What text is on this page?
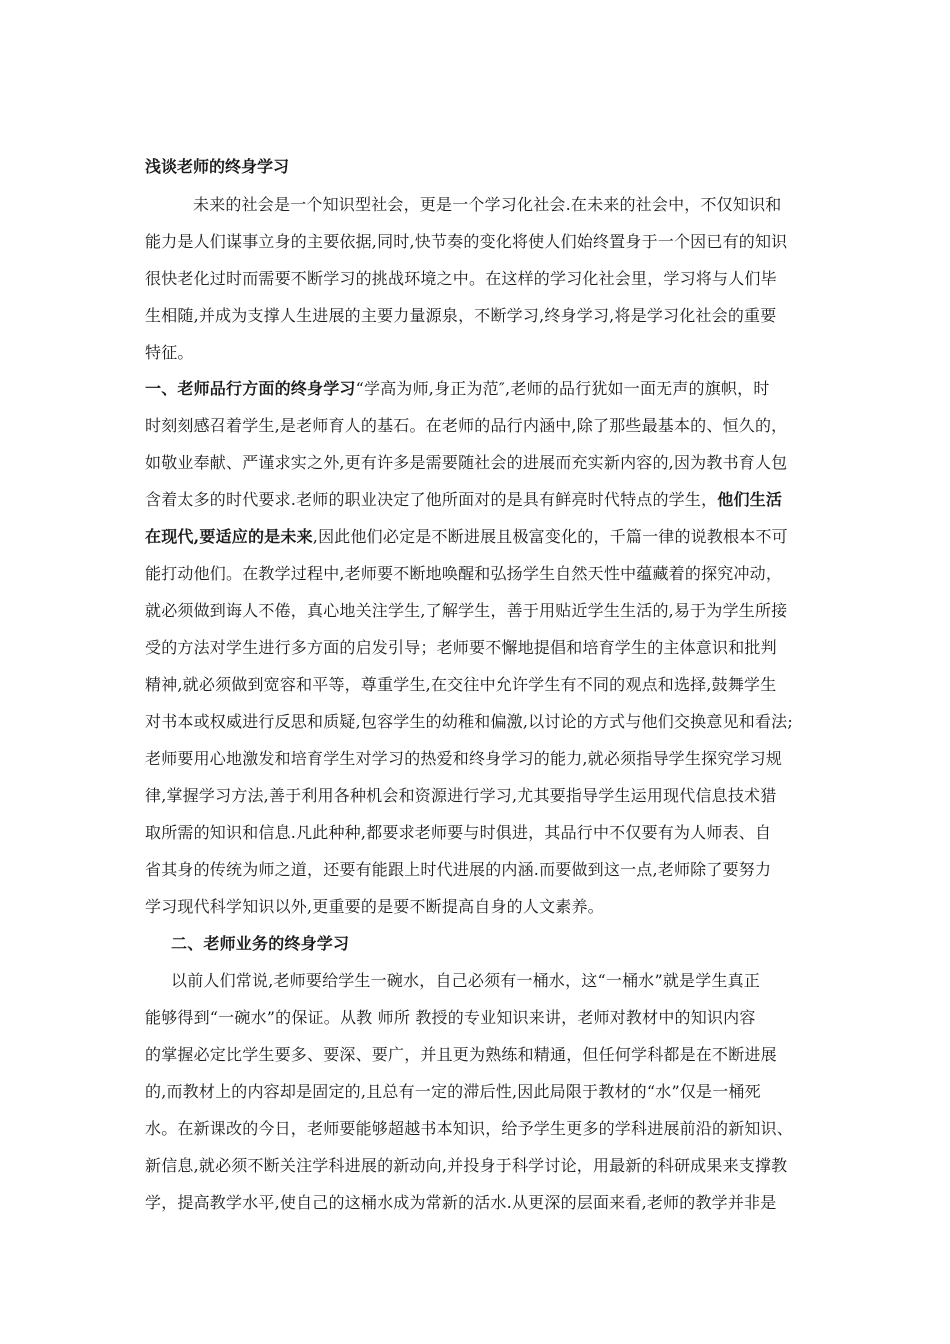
浅谈老师的终身学习
未来的社会是一个知识型社会，更是一个学习化社会.在未来的社会中，不仅知识和
能力是人们谋事立身的主要依据,同时,快节奏的变化将使人们始终置身于一个因已有的知识
很快老化过时而需要不断学习的挑战环境之中。在这样的学习化社会里，学习将与人们毕
生相随,并成为支撑人生进展的主要力量源泉，不断学习,终身学习,将是学习化社会的重要
特征。
一、老师品行方面的终身学习“学高为师,身正为范″,老师的品行犹如一面无声的旗帜，时
时刻刻感召着学生,是老师育人的基石。在老师的品行内涵中,除了那些最基本的、恒久的，
如敬业奉献、严谨求实之外,更有许多是需要随社会的进展而充实新内容的,因为教书育人包
含着太多的时代要求.老师的职业决定了他所面对的是具有鲜亮时代特点的学生，他们生活
在现代,要适应的是未来,因此他们必定是不断进展且极富变化的，千篇一律的说教根本不可
能打动他们。在教学过程中,老师要不断地唤醒和弘扬学生自然天性中蕴藏着的探究冲动，
就必须做到诲人不倦，真心地关注学生,了解学生，善于用贴近学生生活的,易于为学生所接
受的方法对学生进行多方面的启发引导；老师要不懈地提倡和培育学生的主体意识和批判
精神,就必须做到宽容和平等，尊重学生,在交往中允许学生有不同的观点和选择,鼓舞学生
对书本或权威进行反思和质疑,包容学生的幼稚和偏激,以讨论的方式与他们交换意见和看法;
老师要用心地激发和培育学生对学习的热爱和终身学习的能力,就必须指导学生探究学习规
律,掌握学习方法,善于利用各种机会和资源进行学习,尤其要指导学生运用现代信息技术猎
取所需的知识和信息.凡此种种,都要求老师要与时俱进，其品行中不仅要有为人师表、自
省其身的传统为师之道，还要有能跟上时代进展的内涵.而要做到这一点,老师除了要努力
学习现代科学知识以外,更重要的是要不断提高自身的人文素养。
二、老师业务的终身学习
以前人们常说,老师要给学生一碗水，自己必须有一桶水，这“一桶水”就是学生真正
能够得到“一碗水”的保证。从教 师所 教授的专业知识来讲，老师对教材中的知识内容
的掌握必定比学生要多、要深、要广，并且更为熟练和精通，但任何学科都是在不断进展
的,而教材上的内容却是固定的,且总有一定的滞后性,因此局限于教材的“水”仅是一桶死
水。在新课改的今日，老师要能够超越书本知识，给予学生更多的学科进展前沿的新知识、
新信息,就必须不断关注学科进展的新动向,并投身于科学讨论，用最新的科研成果来支撑教
学，提高教学水平,使自己的这桶水成为常新的活水.从更深的层面来看,老师的教学并非是
